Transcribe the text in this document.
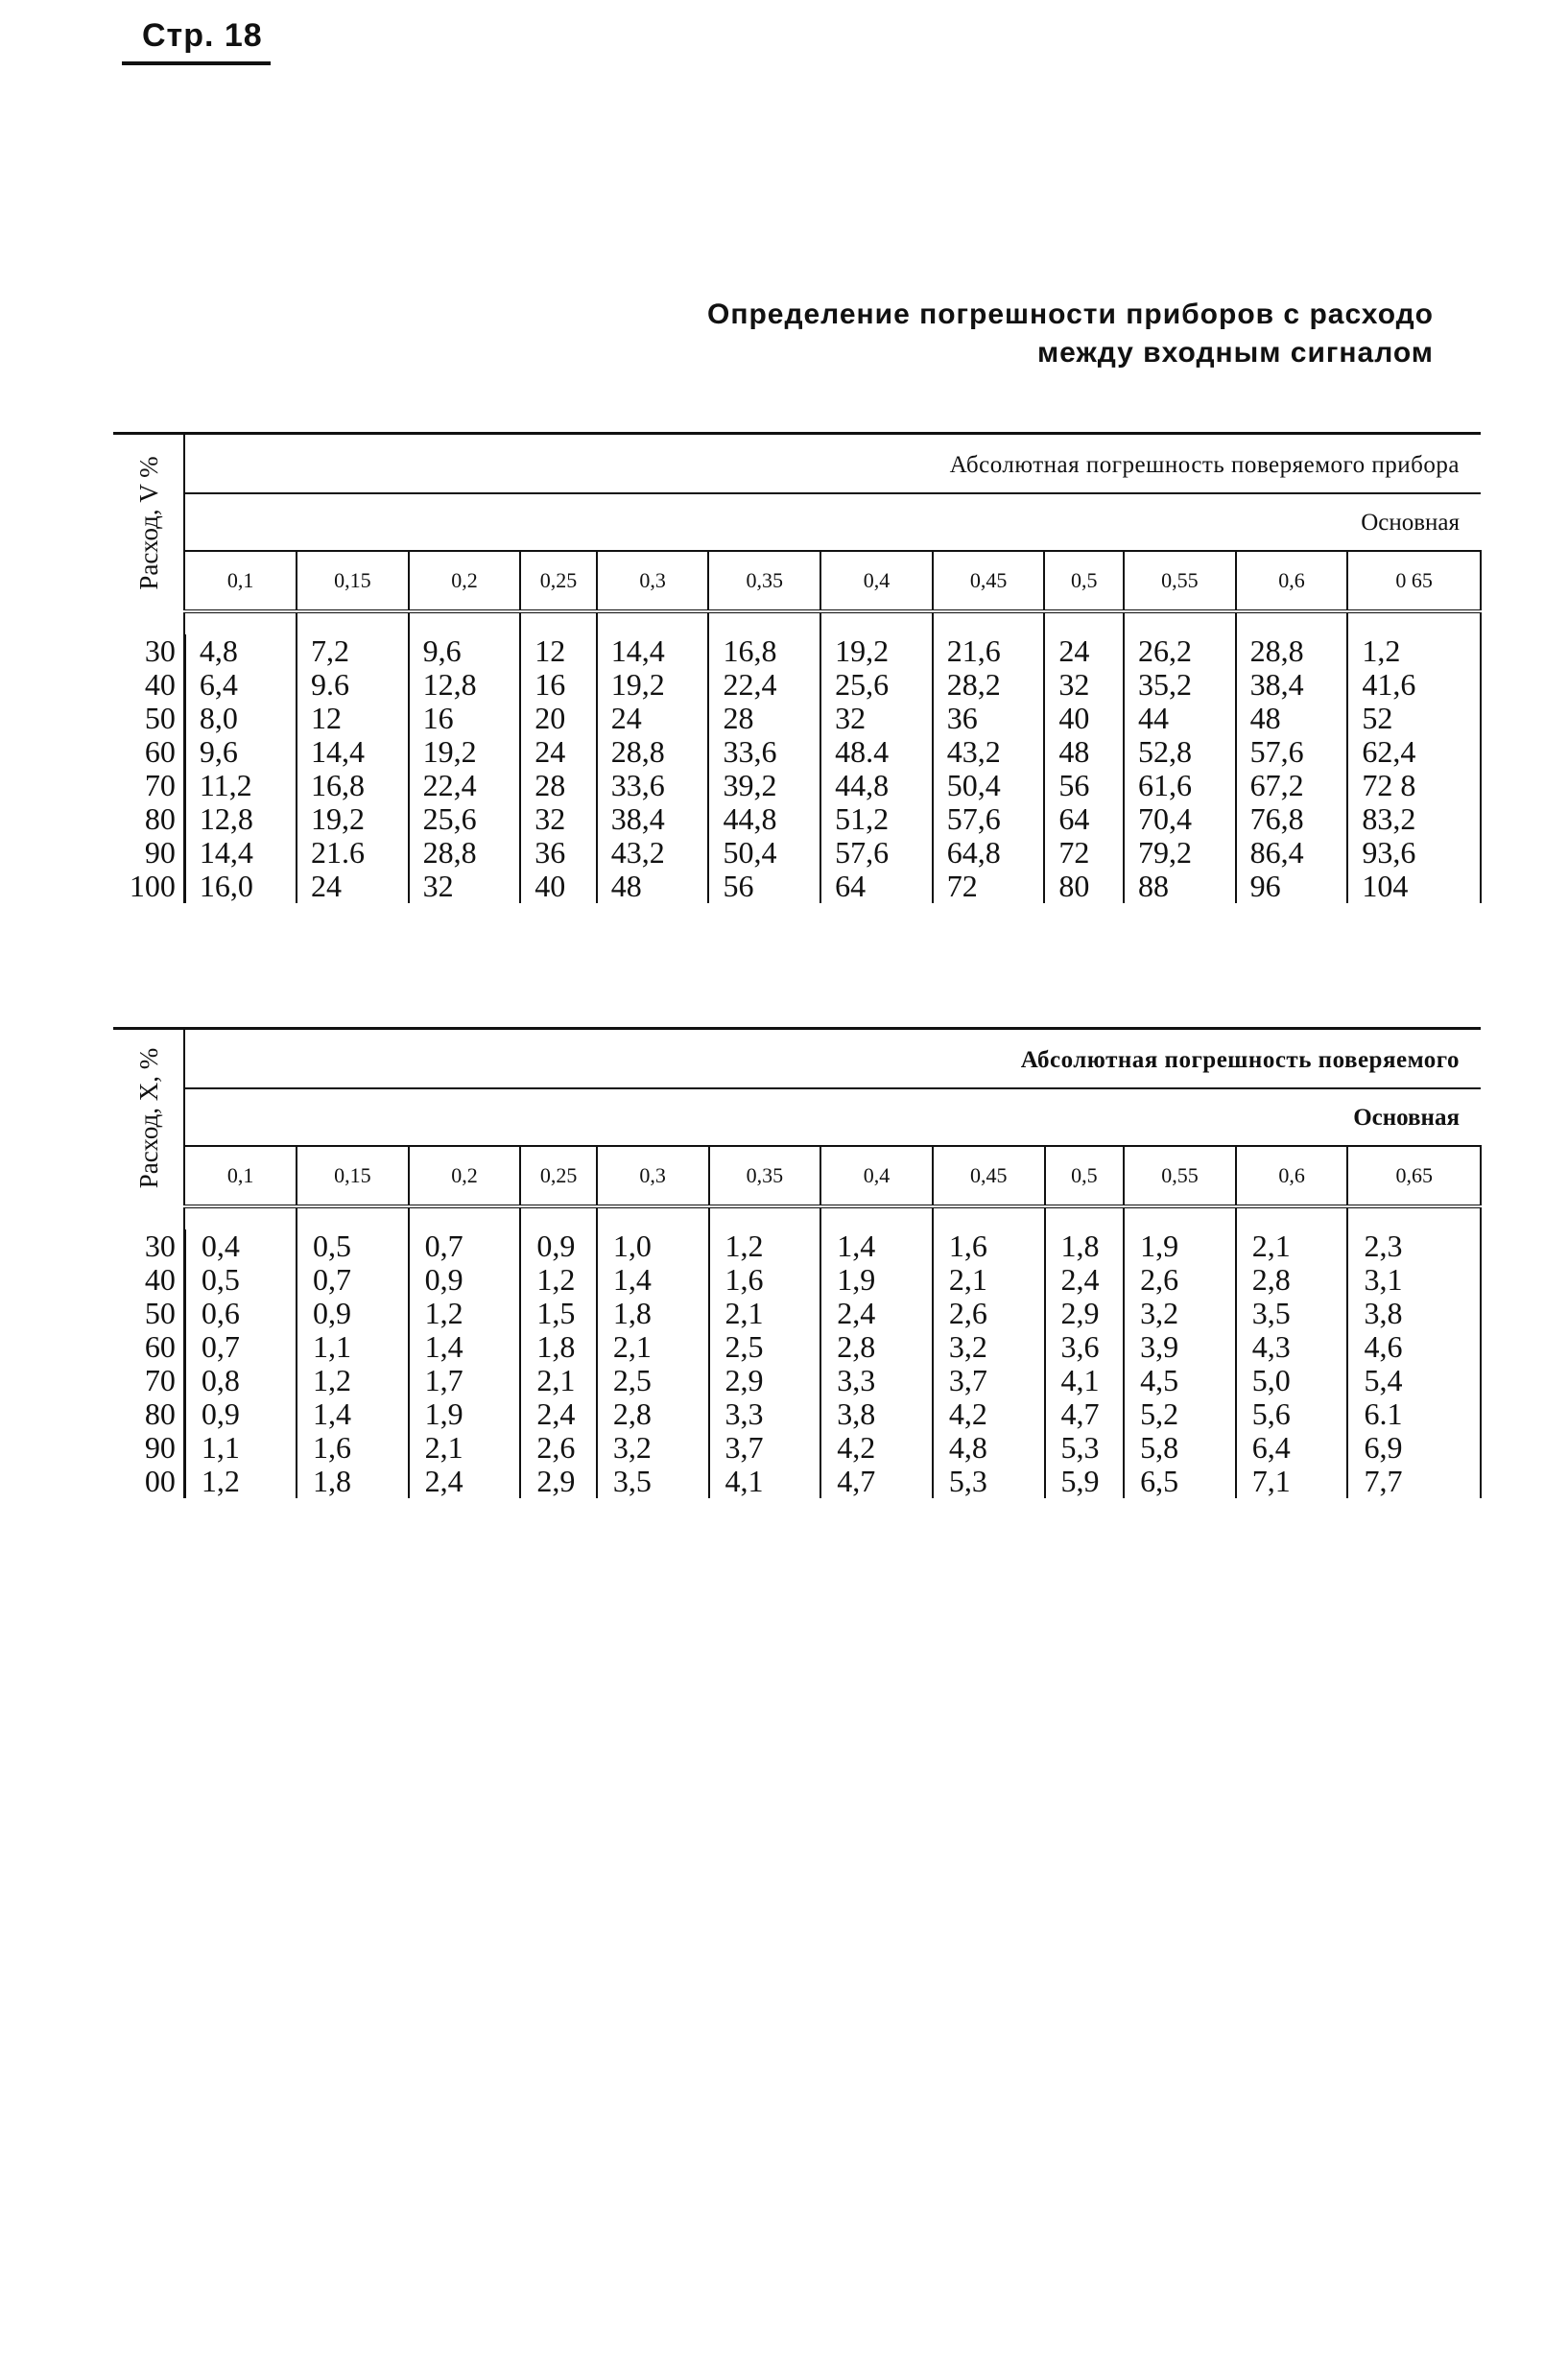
Стр. 18
Определение погрешности приборов с расходо
между входным сигналом
Расход, V %	Абсолютная погрешность поверяемого прибора											
	Основная											
	0,1	0,15	0,2	0,25	0,3	0,35	0,4	0,45	0,5	0,55	0,6	0 65

30	4,8	7,2	9,6	12	14,4	16,8	19,2	21,6	24	26,2	28,8	1,2
40	6,4	9.6	12,8	16	19,2	22,4	25,6	28,2	32	35,2	38,4	41,6
50	8,0	12	16	20	24	28	32	36	40	44	48	52
60	9,6	14,4	19,2	24	28,8	33,6	48.4	43,2	48	52,8	57,6	62,4
70	11,2	16,8	22,4	28	33,6	39,2	44,8	50,4	56	61,6	67,2	72 8
80	12,8	19,2	25,6	32	38,4	44,8	51,2	57,6	64	70,4	76,8	83,2
90	14,4	21.6	28,8	36	43,2	50,4	57,6	64,8	72	79,2	86,4	93,6
100	16,0	24	32	40	48	56	64	72	80	88	96	104
Расход, X, %	Абсолютная погрешность поверяемого											
	Основная											
	0,1	0,15	0,2	0,25	0,3	0,35	0,4	0,45	0,5	0,55	0,6	0,65

30	0,4	0,5	0,7	0,9	1,0	1,2	1,4	1,6	1,8	1,9	2,1	2,3
40	0,5	0,7	0,9	1,2	1,4	1,6	1,9	2,1	2,4	2,6	2,8	3,1
50	0,6	0,9	1,2	1,5	1,8	2,1	2,4	2,6	2,9	3,2	3,5	3,8
60	0,7	1,1	1,4	1,8	2,1	2,5	2,8	3,2	3,6	3,9	4,3	4,6
70	0,8	1,2	1,7	2,1	2,5	2,9	3,3	3,7	4,1	4,5	5,0	5,4
80	0,9	1,4	1,9	2,4	2,8	3,3	3,8	4,2	4,7	5,2	5,6	6.1
90	1,1	1,6	2,1	2,6	3,2	3,7	4,2	4,8	5,3	5,8	6,4	6,9
00	1,2	1,8	2,4	2,9	3,5	4,1	4,7	5,3	5,9	6,5	7,1	7,7
